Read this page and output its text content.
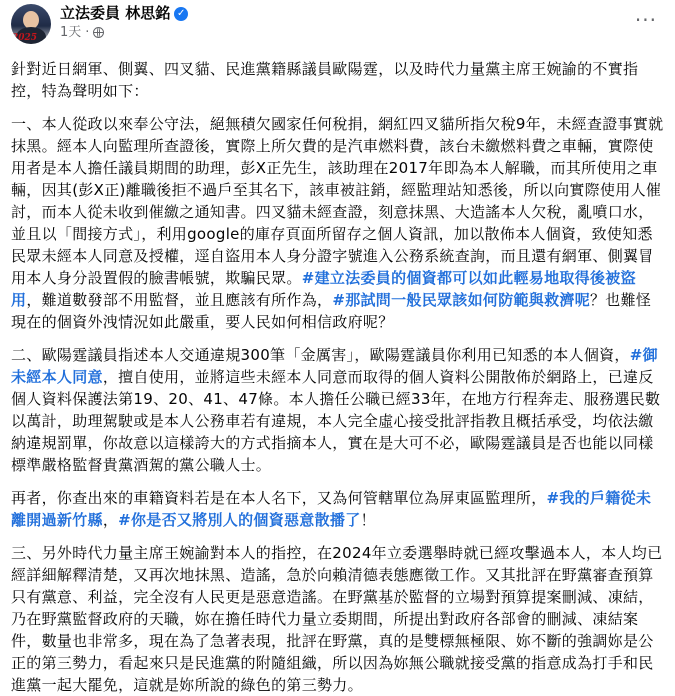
2025
立法委員 林思銘 ✓
1天 ·
···

針對近日網軍、側翼、四叉貓、民進黨籍縣議員歐陽霆，以及時代力量黨主席王婉諭的不實指控，特為聲明如下：

一、本人從政以來奉公守法，絕無積欠國家任何稅捐，網紅四叉貓所指欠稅9年，未經查證事實就抹黑。經本人向監理所查證後，實際上所欠費的是汽車燃料費，該台未繳燃料費之車輛，實際使用者是本人擔任議員期間的助理，彭X正先生，該助理在2017年即為本人解職，而其所使用之車輛，因其(彭X正)離職後拒不過戶至其名下，該車被註銷，經監理站知悉後，所以向實際使用人催討，而本人從未收到催繳之通知書。四叉貓未經查證，刻意抹黑、大造謠本人欠稅，亂噴口水，並且以「間接方式」，利用google的庫存頁面所留存之個人資訊，加以散佈本人個資，致使知悉民眾未經本人同意及授權，逕自盜用本人身分證字號進入公務系統查詢，而且還有網軍、側翼冒用本人身分設置假的臉書帳號，欺騙民眾。#建立法委員的個資都可以如此輕易地取得後被盜用，難道數發部不用監督，並且應該有所作為，#那試問一般民眾該如何防範與救濟呢？也難怪現在的個資外洩情況如此嚴重，要人民如何相信政府呢？

二、歐陽霆議員指述本人交通違規300筆「金厲害」，歐陽霆議員你利用已知悉的本人個資，#御未經本人同意，擅自使用，並將這些未經本人同意而取得的個人資料公開散佈於網路上，已違反個人資料保護法第19、20、41、47條。本人擔任公職已經33年，在地方行程奔走、服務選民數以萬計，助理駕駛或是本人公務車若有違規，本人完全虛心接受批評指教且概括承受，均依法繳納違規罰單，你故意以這樣誇大的方式指摘本人，實在是大可不必，歐陽霆議員是否也能以同樣標準嚴格監督貴黨酒駕的黨公職人士。

再者，你查出來的車籍資料若是在本人名下，又為何管轄單位為屏東區監理所，#我的戶籍從未離開過新竹縣，#你是否又將別人的個資惡意散播了！

三、另外時代力量主席王婉諭對本人的指控，在2024年立委選舉時就已經攻擊過本人，本人均已經詳細解釋清楚，又再次地抹黑、造謠，急於向賴清德表態應徵工作。又其批評在野黨審查預算只有黨意、利益，完全沒有人民更是惡意造謠。在野黨基於監督的立場對預算提案刪減、凍結，乃在野黨監督政府的天職，妳在擔任時代力量立委期間，所提出對政府各部會的刪減、凍結案件，數量也非常多，現在為了急著表現，批評在野黨，真的是雙標無極限、妳不斷的強調妳是公正的第三勢力，看起來只是民進黨的附隨組織，所以因為妳無公職就接受黨的指意成為打手和民進黨一起大罷免，這就是妳所說的綠色的第三勢力。
